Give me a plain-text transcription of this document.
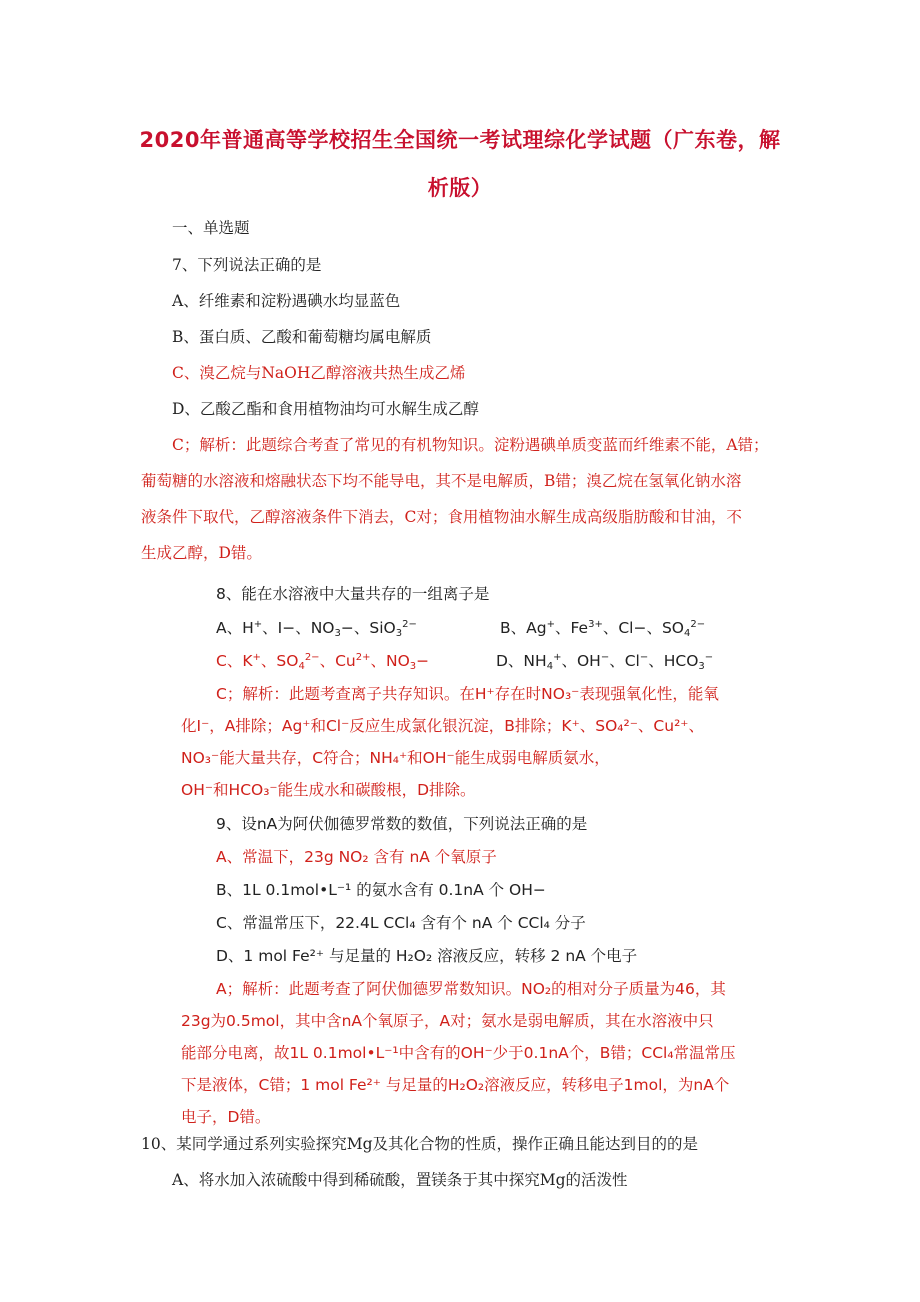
2020年普通高等学校招生全国统一考试理综化学试题（广东卷，解
析版）
一、单选题
7、下列说法正确的是
A、纤维素和淀粉遇碘水均显蓝色
B、蛋白质、乙酸和葡萄糖均属电解质
C、溴乙烷与NaOH乙醇溶液共热生成乙烯
D、乙酸乙酯和食用植物油均可水解生成乙醇
C；解析：此题综合考查了常见的有机物知识。淀粉遇碘单质变蓝而纤维素不能，A错；
葡萄糖的水溶液和熔融状态下均不能导电，其不是电解质，B错；溴乙烷在氢氧化钠水溶
液条件下取代，乙醇溶液条件下消去，C对；食用植物油水解生成高级脂肪酸和甘油，不
生成乙醇，D错。
8、能在水溶液中大量共存的一组离子是
A、H+、I−、$NO_3-$、SiO$_3^{2-}$	B、Ag+、$Fe^{3+}$、Cl−、$SO_4^{2-}$
C、K+、$SO_4^{2-}$、$Cu^{2+}$、$NO_3-$	D、$NH_4^+$、OH−、Cl−、$HCO_3^-$
C；解析：此题考查离子共存知识。在H⁺存在时NO₃⁻表现强氧化性，能氧
化I⁻，A排除；Ag⁺和Cl⁻反应生成氯化银沉淀，B排除；K⁺、SO₄²⁻、Cu²⁺、
NO₃⁻能大量共存，C符合；NH₄⁺和OH⁻能生成弱电解质氨水，
OH⁻和HCO₃⁻能生成水和碳酸根，D排除。
9、设nA为阿伏伽德罗常数的数值，下列说法正确的是
A、常温下，23g NO₂ 含有 nA 个氧原子
B、1L 0.1mol•L⁻¹ 的氨水含有 0.1nA 个 OH−
C、常温常压下，22.4L CCl₄ 含有个 nA 个 CCl₄ 分子
D、1 mol Fe²⁺ 与足量的 H₂O₂ 溶液反应，转移 2 nA 个电子
A；解析：此题考查了阿伏伽德罗常数知识。NO₂的相对分子质量为46，其
23g为0.5mol，其中含nA个氧原子，A对；氨水是弱电解质，其在水溶液中只
能部分电离，故1L 0.1mol•L⁻¹中含有的OH⁻少于0.1nA个，B错；CCl₄常温常压
下是液体，C错；1 mol Fe²⁺ 与足量的H₂O₂溶液反应，转移电子1mol，为nA个
电子，D错。
10、某同学通过系列实验探究Mg及其化合物的性质，操作正确且能达到目的的是
A、将水加入浓硫酸中得到稀硫酸，置镁条于其中探究Mg的活泼性
